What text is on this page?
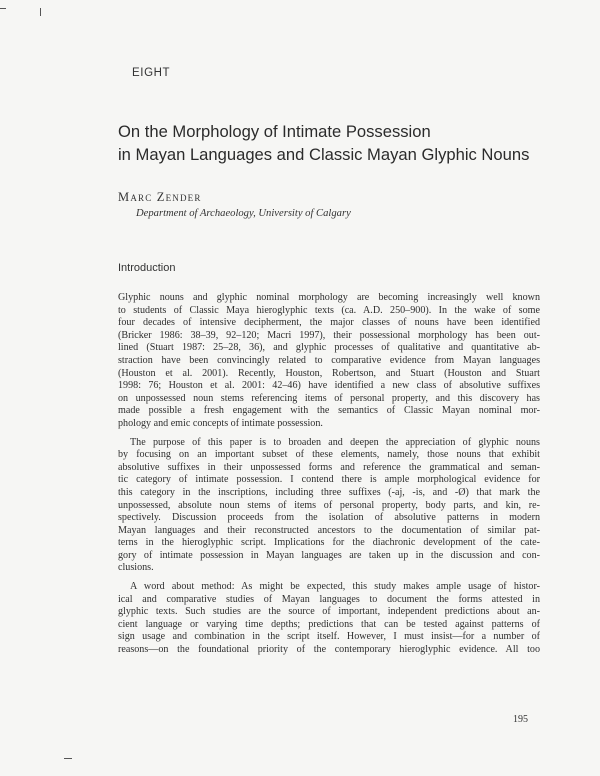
EIGHT
On the Morphology of Intimate Possession
in Mayan Languages and Classic Mayan Glyphic Nouns
Marc Zender
Department of Archaeology, University of Calgary
Introduction
Glyphic nouns and glyphic nominal morphology are becoming increasingly well known
to students of Classic Maya hieroglyphic texts (ca. A.D. 250–900). In the wake of some
four decades of intensive decipherment, the major classes of nouns have been identified
(Bricker 1986: 38–39, 92–120; Macri 1997), their possessional morphology has been out-
lined (Stuart 1987: 25–28, 36), and glyphic processes of qualitative and quantitative ab-
straction have been convincingly related to comparative evidence from Mayan languages
(Houston et al. 2001). Recently, Houston, Robertson, and Stuart (Houston and Stuart
1998: 76; Houston et al. 2001: 42–46) have identified a new class of absolutive suffixes
on unpossessed noun stems referencing items of personal property, and this discovery has
made possible a fresh engagement with the semantics of Classic Mayan nominal mor-
phology and emic concepts of intimate possession.
The purpose of this paper is to broaden and deepen the appreciation of glyphic nouns
by focusing on an important subset of these elements, namely, those nouns that exhibit
absolutive suffixes in their unpossessed forms and reference the grammatical and seman-
tic category of intimate possession. I contend there is ample morphological evidence for
this category in the inscriptions, including three suffixes (-aj, -is, and -Ø) that mark the
unpossessed, absolute noun stems of items of personal property, body parts, and kin, re-
spectively. Discussion proceeds from the isolation of absolutive patterns in modern
Mayan languages and their reconstructed ancestors to the documentation of similar pat-
terns in the hieroglyphic script. Implications for the diachronic development of the cate-
gory of intimate possession in Mayan languages are taken up in the discussion and con-
clusions.
A word about method: As might be expected, this study makes ample usage of histor-
ical and comparative studies of Mayan languages to document the forms attested in
glyphic texts. Such studies are the source of important, independent predictions about an-
cient language or varying time depths; predictions that can be tested against patterns of
sign usage and combination in the script itself. However, I must insist—for a number of
reasons—on the foundational priority of the contemporary hieroglyphic evidence. All too
195
